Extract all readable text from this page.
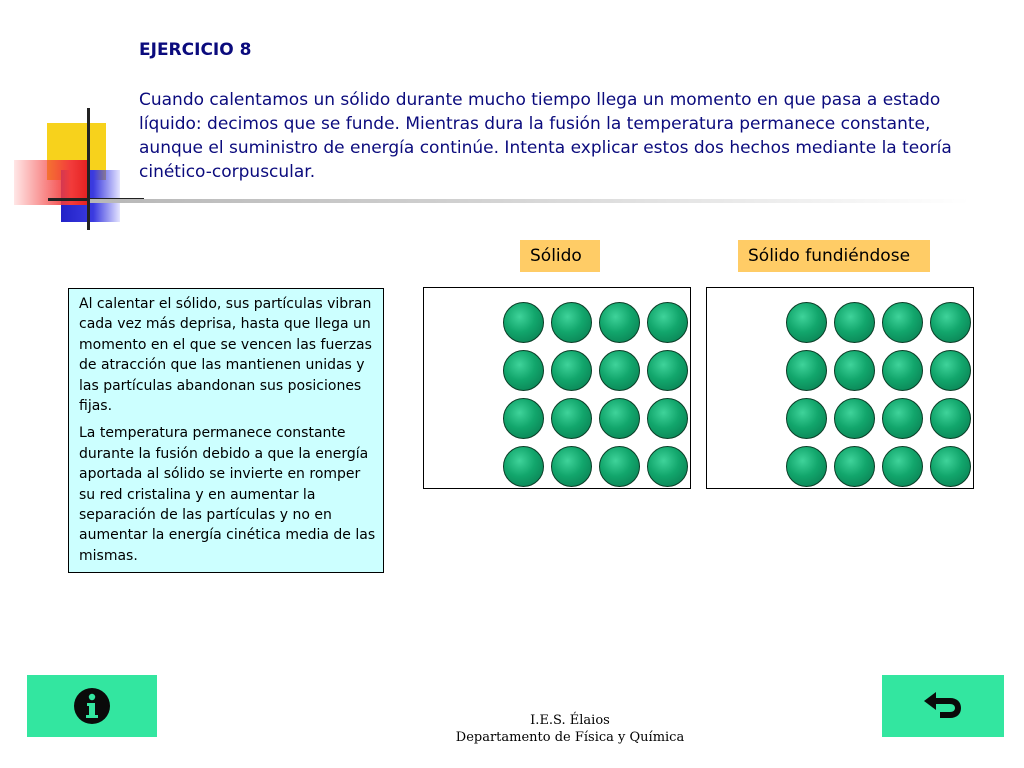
EJERCICIO 8
Cuando calentamos un sólido durante mucho tiempo llega un momento en que pasa a estado líquido: decimos que se funde. Mientras dura la fusión la temperatura permanece constante, aunque el suministro de energía continúe. Intenta explicar estos dos hechos mediante la teoría cinético-corpuscular.
Sólido	Sólido fundiéndose

Al calentar el sólido, sus partículas vibran cada vez más deprisa, hasta que llega un momento en el que se vencen las fuerzas de atracción que las mantienen unidas y las partículas abandonan sus posiciones fijas.

La temperatura permanece constante durante la fusión debido a que la energía aportada al sólido se invierte en romper su red cristalina y en aumentar la separación de las partículas y no en aumentar la energía cinética media de las mismas.

I.E.S. Élaios
Departamento de Física y Química
